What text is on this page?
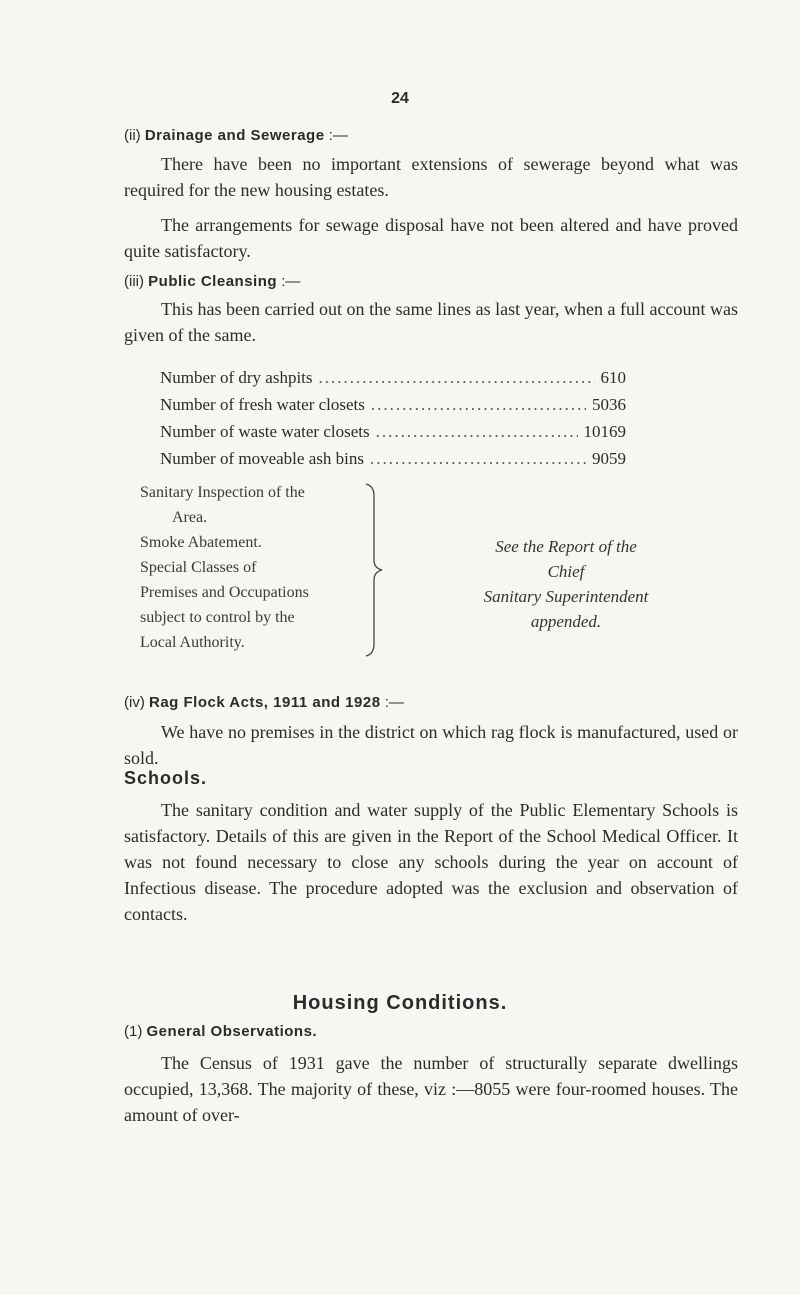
24
(ii) Drainage and Sewerage :—

There have been no important extensions of sewerage beyond what was required for the new housing estates.

The arrangements for sewage disposal have not been altered and have proved quite satisfactory.

(iii) Public Cleansing :—

This has been carried out on the same lines as last year, when a full account was given of the same.

Number of dry ashpits .....	610
Number of fresh water closets .....	5036
Number of waste water closets .....	10169
Number of moveable ash bins .....	9059
Sanitary Inspection of the
Area.
Smoke Abatement.
Special Classes of
Premises and Occupations
subject to control by the
Local Authority.
See the Report of the
Chief
Sanitary Superintendent
appended.
(iv) Rag Flock Acts, 1911 and 1928 :—

We have no premises in the district on which rag flock is manufactured, used or sold.

Schools.

The sanitary condition and water supply of the Public Elementary Schools is satisfactory. Details of this are given in the Report of the School Medical Officer. It was not found necessary to close any schools during the year on account of Infectious disease. The procedure adopted was the exclusion and observation of contacts.

Housing Conditions.
(1) General Observations.

The Census of 1931 gave the number of structurally separate dwellings occupied, 13,368. The majority of these, viz :—8055 were four-roomed houses. The amount of over-
